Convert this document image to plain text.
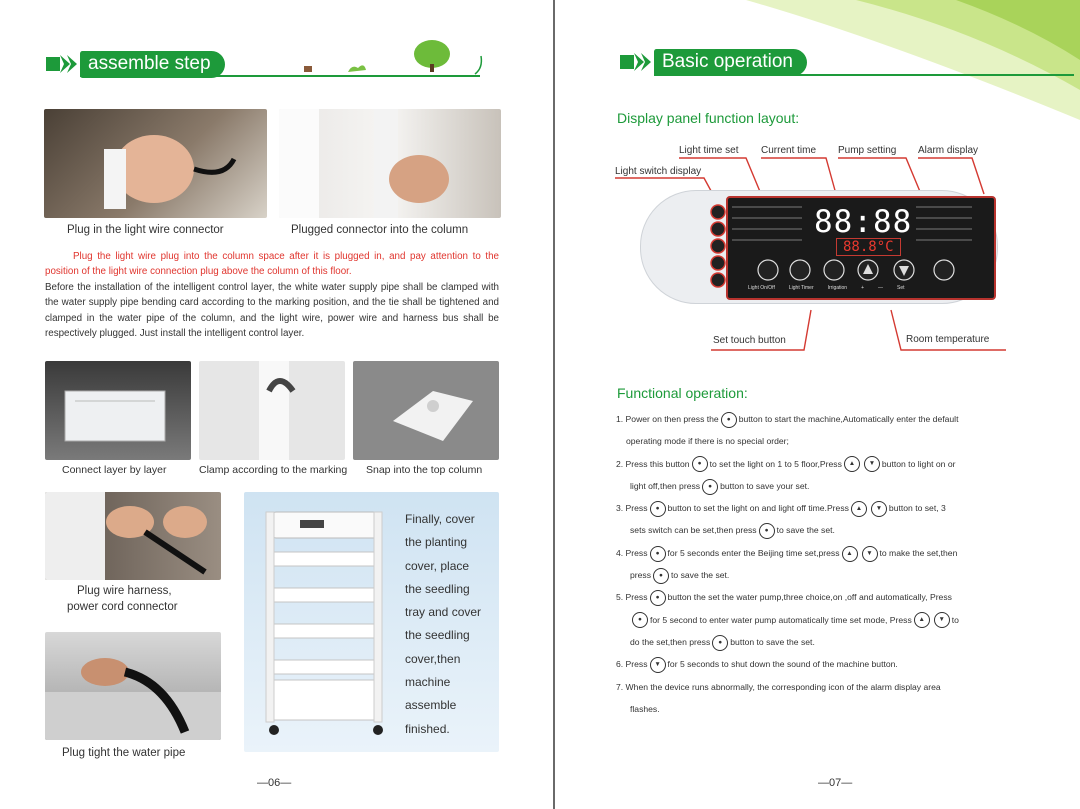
assemble step
Plug in the light wire connector	Plugged connector into the column
Plug the light wire plug into the column space after it is plugged in, and pay attention to the position of the light wire connection plug above the column of this floor. Before the installation of the intelligent control layer, the white water supply pipe shall be clamped with the water supply pipe bending card according to the marking position, and the tie shall be tightened and clamped in the water pipe of the column, and the light wire, power wire and harness bus shall be respectively plugged. Just install the intelligent control layer.
Connect layer by layer	Clamp according to the marking Snap into the top column
Plug wire harness,
power cord connector
Plug tight the water pipe
Finally, cover
the planting
cover, place
the seedling
tray and cover
the seedling
cover,then
machine
assemble
finished.
—06—
Basic operation
Display panel function layout:
Light time set Current time Pump setting Alarm display
Light switch display
88:88
88.8°C
Light On/Off	Light Timer	Irrigation	+	—	Set
Set touch button	Room temperature
Functional operation:
1. Power on then press the ● button to start the machine,Automatically enter the default
operating mode if there is no special order;
2. Press this button ● to set the light on 1 to 5 floor,Press ▲ ▼ button to light on or
light off,then press ● button to save your set.
3. Press ● button to set the light on and light off time.Press ▲ ▼ button to set, 3
sets switch can be set,then press ● to save the set.
4. Press ● for 5 seconds enter the Beijing time set,press ▲ ▼ to make the set,then
press ● to save the set.
5. Press ● button the set the water pump,three choice,on ,off and automatically, Press
● for 5 second to enter water pump automatically time set mode, Press ▲ ▼ to
do the set,then press ● button to save the set.
6. Press ▼ for 5 seconds to shut down the sound of the machine button.
7. When the device runs abnormally, the corresponding icon of the alarm display area
flashes.
—07—
